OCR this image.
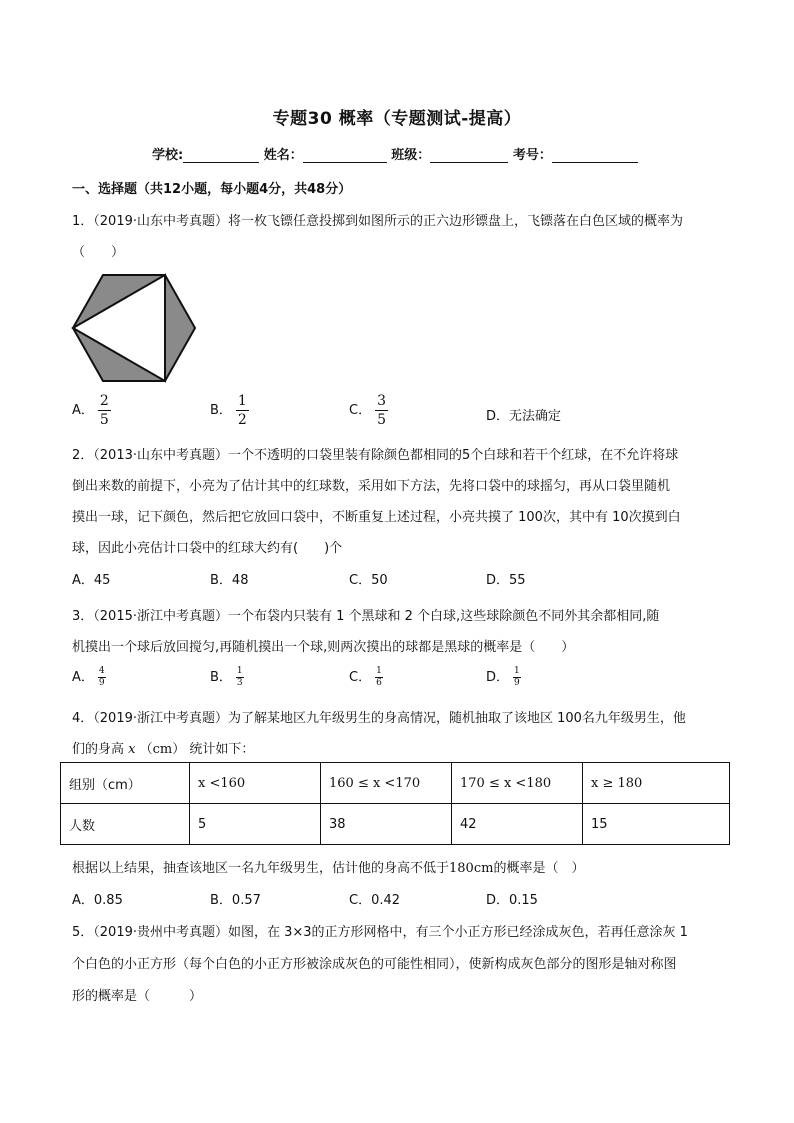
专题30 概率（专题测试-提高）
学校:	姓名：	班级：	考号：
一、选择题（共12小题，每小题4分，共48分）
1．（2019·山东中考真题）将一枚飞镖任意投掷到如图所示的正六边形镖盘上，飞镖落在白色区域的概率为
（　　）
A． $\frac{2}{5}$	B． $\frac{1}{2}$	C． $\frac{3}{5}$	D．无法确定
2．（2013·山东中考真题）一个不透明的口袋里装有除颜色都相同的5个白球和若干个红球，在不允许将球
倒出来数的前提下，小亮为了估计其中的红球数，采用如下方法，先将口袋中的球摇匀，再从口袋里随机
摸出一球，记下颜色，然后把它放回口袋中，不断重复上述过程，小亮共摸了 100次，其中有 10次摸到白
球，因此小亮估计口袋中的红球大约有(　　)个
A．45	B．48	C．50	D．55
3．（2015·浙江中考真题）一个布袋内只装有 1 个黑球和 2 个白球,这些球除颜色不同外其余都相同,随
机摸出一个球后放回搅匀,再随机摸出一个球,则两次摸出的球都是黑球的概率是（　　）
A． $\frac{4}{9}$	B． $\frac{1}{3}$	C． $\frac{1}{6}$	D． $\frac{1}{9}$
4．（2019·浙江中考真题）为了解某地区九年级男生的身高情况，随机抽取了该地区 100名九年级男生，他
们的身高 x （cm） 统计如下：
组别（cm）	x <160	160 ≤ x <170	170 ≤ x <180	x ≥ 180
人数	5	38	42	15
根据以上结果，抽查该地区一名九年级男生，估计他的身高不低于180cm的概率是（　）
A．0.85	B．0.57	C．0.42	D．0.15
5．（2019·贵州中考真题）如图，在 3×3的正方形网格中，有三个小正方形已经涂成灰色，若再任意涂灰 1
个白色的小正方形（每个白色的小正方形被涂成灰色的可能性相同），使新构成灰色部分的图形是轴对称图
形的概率是（　　　）
